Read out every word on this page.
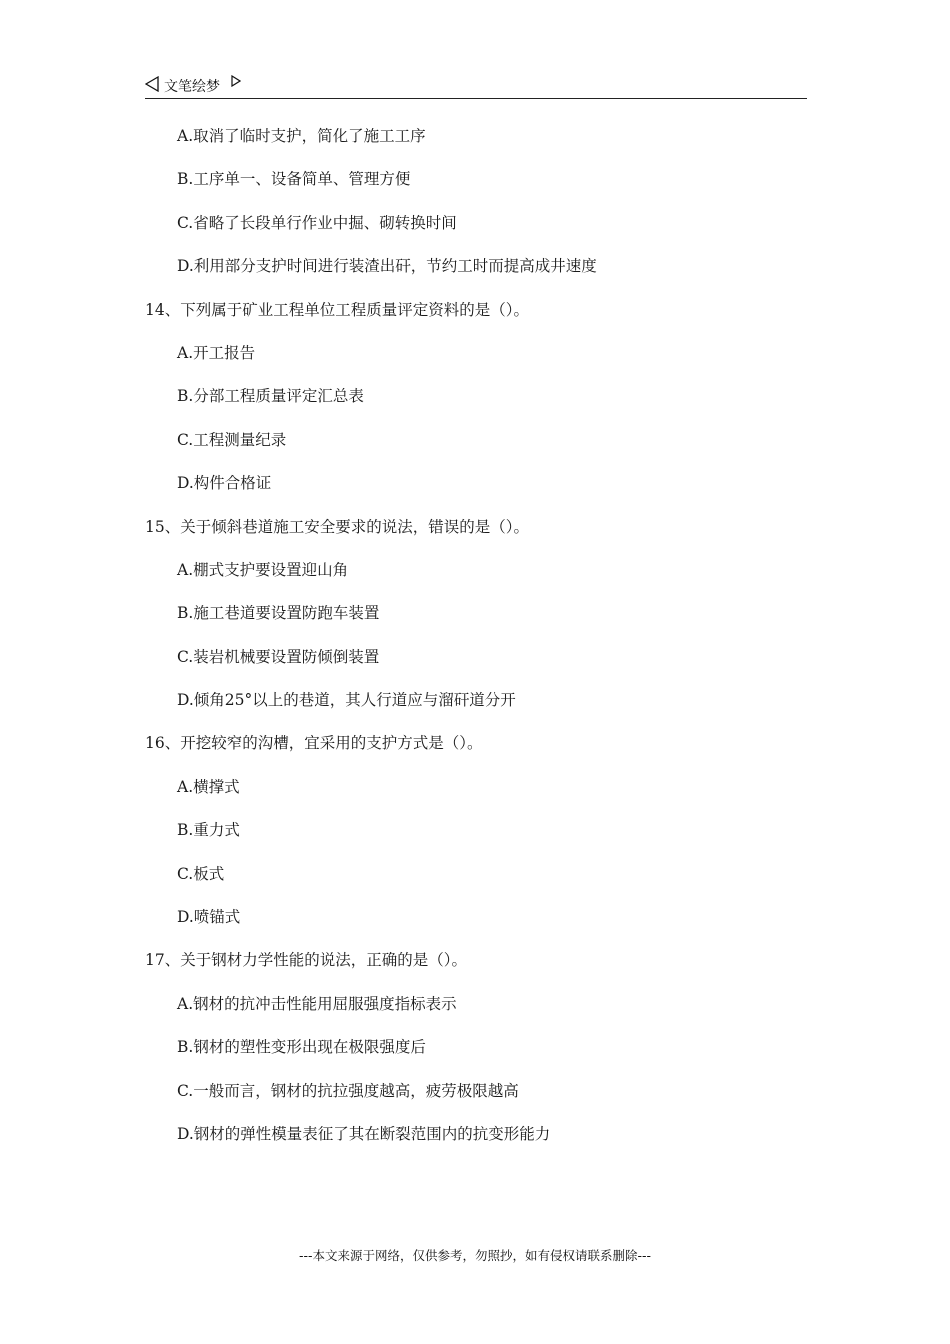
文笔绘梦
A.取消了临时支护，简化了施工工序
B.工序单一、设备简单、管理方便
C.省略了长段单行作业中掘、砌转换时间
D.利用部分支护时间进行装渣出矸，节约工时而提高成井速度
14、下列属于矿业工程单位工程质量评定资料的是（）。
A.开工报告
B.分部工程质量评定汇总表
C.工程测量纪录
D.构件合格证
15、关于倾斜巷道施工安全要求的说法，错误的是（）。
A.棚式支护要设置迎山角
B.施工巷道要设置防跑车装置
C.装岩机械要设置防倾倒装置
D.倾角25°以上的巷道，其人行道应与溜矸道分开
16、开挖较窄的沟槽，宜采用的支护方式是（）。
A.横撑式
B.重力式
C.板式
D.喷锚式
17、关于钢材力学性能的说法，正确的是（）。
A.钢材的抗冲击性能用屈服强度指标表示
B.钢材的塑性变形出现在极限强度后
C.一般而言，钢材的抗拉强度越高，疲劳极限越高
D.钢材的弹性模量表征了其在断裂范围内的抗变形能力
---本文来源于网络，仅供参考，勿照抄，如有侵权请联系删除---
